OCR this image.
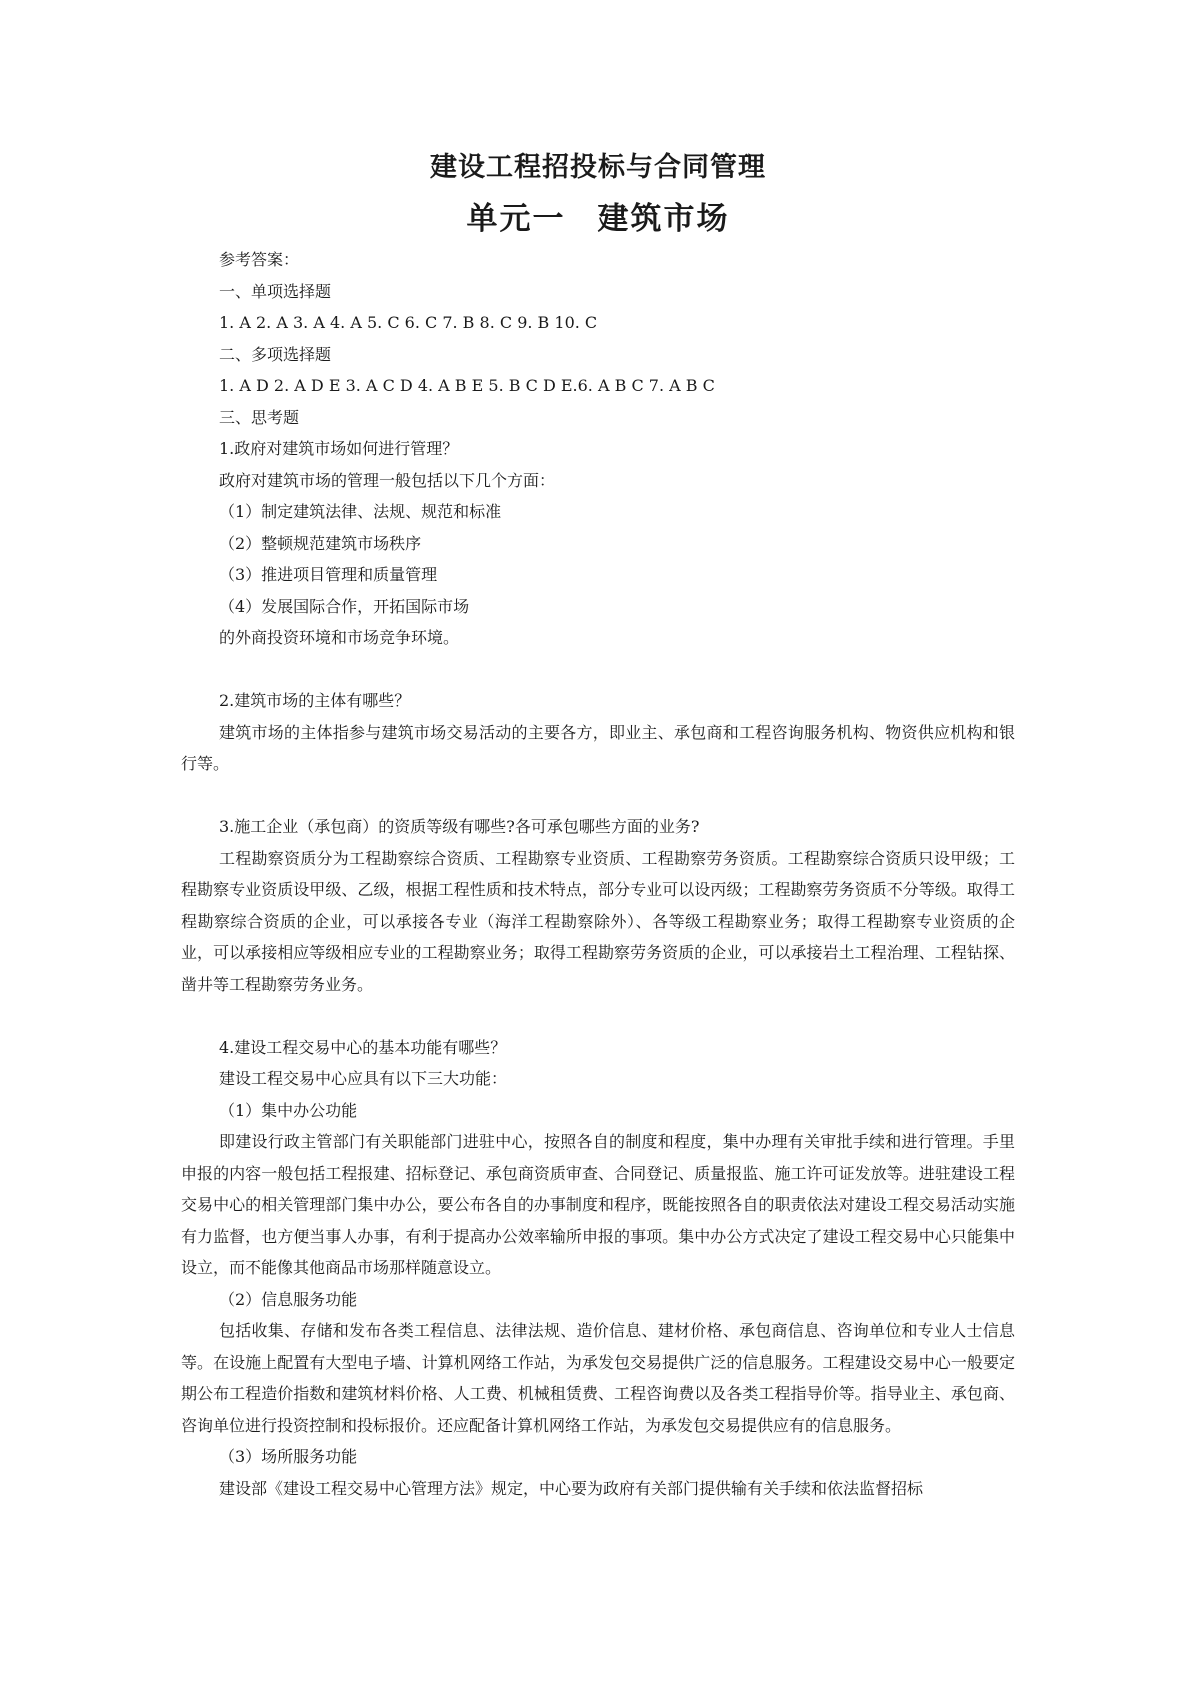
建设工程招投标与合同管理
单元一 建筑市场

参考答案：

一、单项选择题

1. A 2. A 3. A 4. A 5. C 6. C 7. B 8. C 9. B 10. C

二、多项选择题

1. A D 2. A D E 3. A C D 4. A B E 5. B C D E.6. A B C 7. A B C

三、思考题

1.政府对建筑市场如何进行管理？

政府对建筑市场的管理一般包括以下几个方面：

（1）制定建筑法律、法规、规范和标准

（2）整顿规范建筑市场秩序

（3）推进项目管理和质量管理

（4）发展国际合作，开拓国际市场

的外商投资环境和市场竞争环境。

2.建筑市场的主体有哪些？

建筑市场的主体指参与建筑市场交易活动的主要各方，即业主、承包商和工程咨询服务机构、物资供应机构和银行等。

3.施工企业（承包商）的资质等级有哪些?各可承包哪些方面的业务?

工程勘察资质分为工程勘察综合资质、工程勘察专业资质、工程勘察劳务资质。工程勘察综合资质只设甲级；工程勘察专业资质设甲级、乙级，根据工程性质和技术特点，部分专业可以设丙级；工程勘察劳务资质不分等级。取得工程勘察综合资质的企业，可以承接各专业（海洋工程勘察除外）、各等级工程勘察业务；取得工程勘察专业资质的企业，可以承接相应等级相应专业的工程勘察业务；取得工程勘察劳务资质的企业，可以承接岩土工程治理、工程钻探、凿井等工程勘察劳务业务。

4.建设工程交易中心的基本功能有哪些？

建设工程交易中心应具有以下三大功能：

（1）集中办公功能

即建设行政主管部门有关职能部门进驻中心，按照各自的制度和程度，集中办理有关审批手续和进行管理。手里申报的内容一般包括工程报建、招标登记、承包商资质审查、合同登记、质量报监、施工许可证发放等。进驻建设工程交易中心的相关管理部门集中办公，要公布各自的办事制度和程序，既能按照各自的职责依法对建设工程交易活动实施有力监督，也方便当事人办事，有利于提高办公效率输所申报的事项。集中办公方式决定了建设工程交易中心只能集中设立，而不能像其他商品市场那样随意设立。

（2）信息服务功能

包括收集、存储和发布各类工程信息、法律法规、造价信息、建材价格、承包商信息、咨询单位和专业人士信息等。在设施上配置有大型电子墙、计算机网络工作站，为承发包交易提供广泛的信息服务。工程建设交易中心一般要定期公布工程造价指数和建筑材料价格、人工费、机械租赁费、工程咨询费以及各类工程指导价等。指导业主、承包商、咨询单位进行投资控制和投标报价。还应配备计算机网络工作站，为承发包交易提供应有的信息服务。

（3）场所服务功能

建设部《建设工程交易中心管理方法》规定，中心要为政府有关部门提供输有关手续和依法监督招标
